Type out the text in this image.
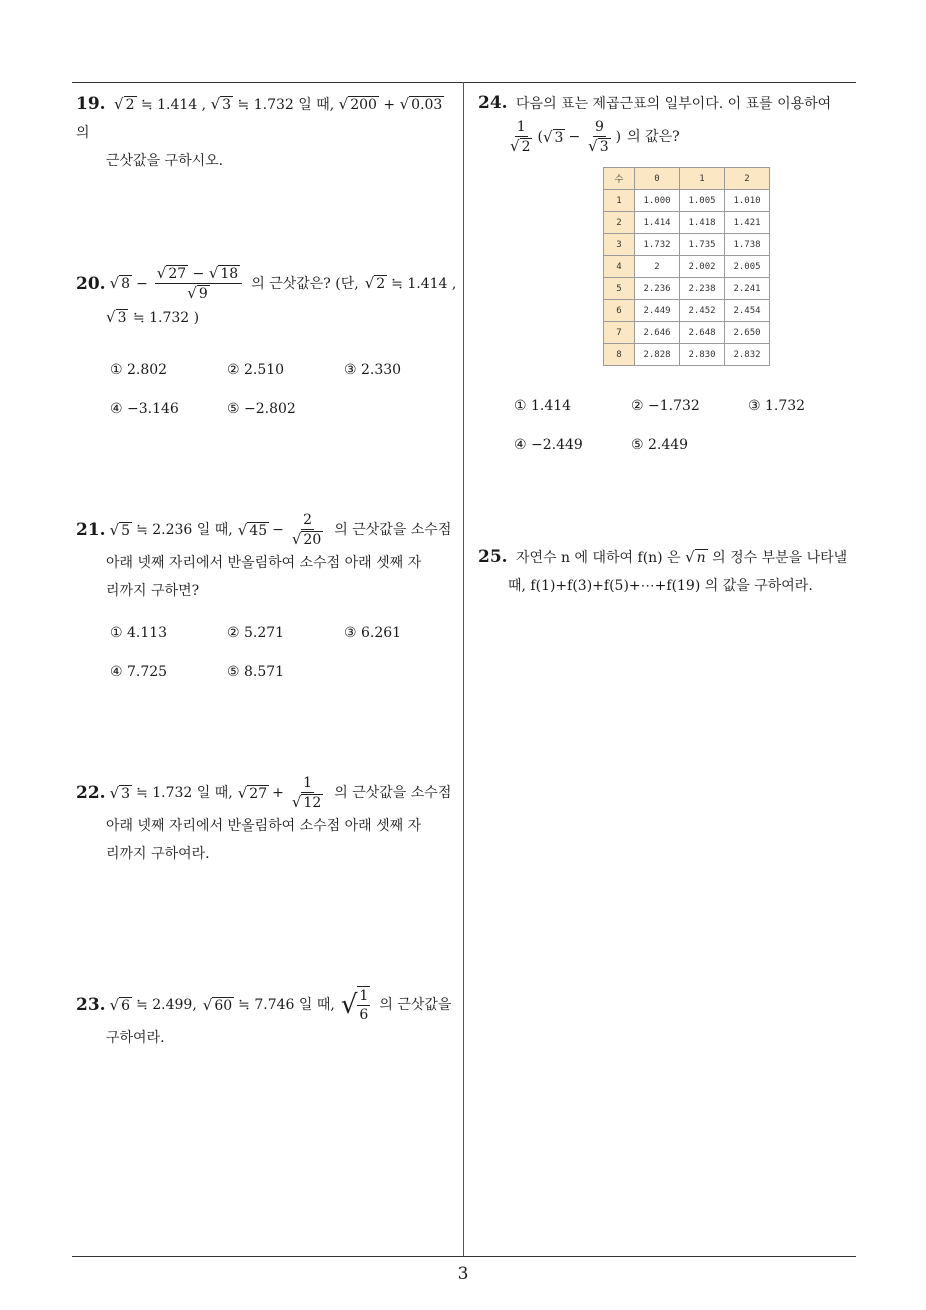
19. √ 2 ≒ 1.414 , √ 3 ≒ 1.732 일 때, √ 200 + √ 0.03 의
근삿값을 구하시오.
20. √ $8 - \frac{√ 27 - √ 18}{√ 9}$ 의 근삿값은? (단, √ 2 ≒ 1.414 ,
√ 3 ≒ 1.732 )
① 2.802	② 2.510	③ 2.330
④ −3.146	⑤ −2.802
21. √ 5 ≒ 2.236 일 때, √ $45 - \frac{2}{√ 20}$ 의 근삿값을 소수점
아래 넷째 자리에서 반올림하여 소수점 아래 셋째 자
리까지 구하면?
① 4.113	② 5.271	③ 6.261
④ 7.725	⑤ 8.571
22. √ 3 ≒ 1.732 일 때, √ $27 + \frac{1}{√ 12}$ 의 근삿값을 소수점
아래 넷째 자리에서 반올림하여 소수점 아래 셋째 자
리까지 구하여라.
23. √ 6 ≒ 2.499, √ 60 ≒ 7.746 일 때, √ $\frac{1}{6}$ 의 근삿값을
구하여라.
24. 다음의 표는 제곱근표의 일부이다. 이 표를 이용하여
$\frac{1}{√ 2}$ ( √ $3 - \frac{9}{√ 3}$ ) 의 값은?
수	0	1	2
1	1.000	1.005	1.010
2	1.414	1.418	1.421
3	1.732	1.735	1.738
4	2	2.002	2.005
5	2.236	2.238	2.241
6	2.449	2.452	2.454
7	2.646	2.648	2.650
8	2.828	2.830	2.832
① 1.414	② −1.732	③ 1.732
④ −2.449	⑤ 2.449
25. 자연수 n 에 대하여 f(n) 은 √ n 의 정수 부분을 나타낼
때, f(1)+f(3)+f(5)+⋯+f(19) 의 값을 구하여라.
3
